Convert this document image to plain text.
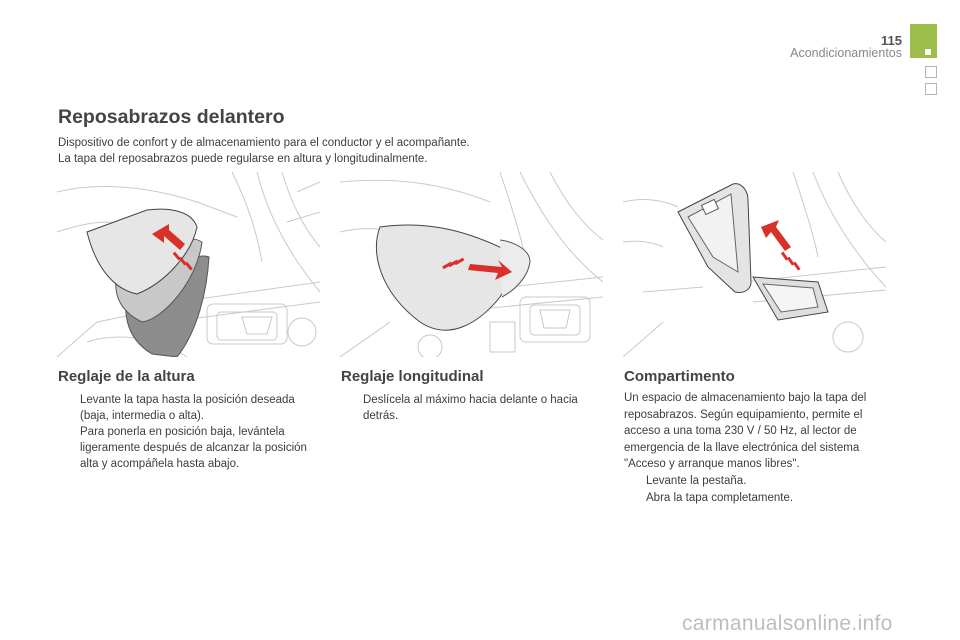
115
Acondicionamientos
Reposabrazos delantero
Dispositivo de confort y de almacenamiento para el conductor y el acompañante.
La tapa del reposabrazos puede regularse en altura y longitudinalmente.
Reglaje de la altura	Reglaje longitudinal	Compartimento
Levante la tapa hasta la posición deseada (baja, intermedia o alta).
Para ponerla en posición baja, levántela ligeramente después de alcanzar la posición alta y acompáñela hasta abajo.
Deslícela al máximo hacia delante o hacia detrás.

Un espacio de almacenamiento bajo la tapa del reposabrazos. Según equipamiento, permite el acceso a una toma 230 V / 50 Hz, al lector de emergencia de la llave electrónica del sistema "Acceso y arranque manos libres".

Levante la pestaña.
Abra la tapa completamente.
carmanualsonline.info
